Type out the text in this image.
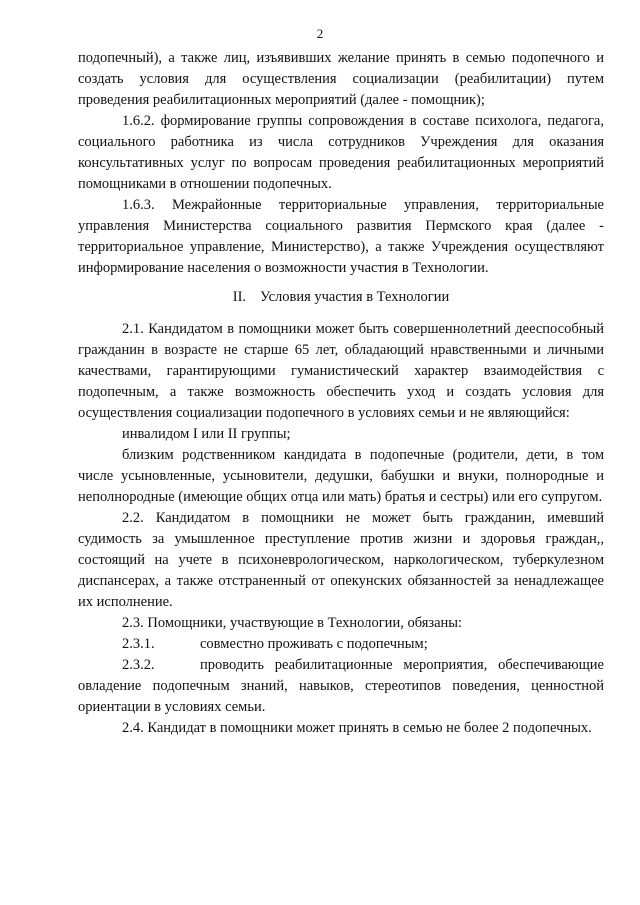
2

подопечный), а также лиц, изъявивших желание принять в семью подопечного и создать условия для осуществления социализации (реабилитации) путем проведения реабилитационных мероприятий (далее - помощник);

1.6.2. формирование группы сопровождения в составе психолога, педагога, социального работника из числа сотрудников Учреждения для оказания консультативных услуг по вопросам проведения реабилитационных мероприятий помощниками в отношении подопечных.

1.6.3. Межрайонные территориальные управления, территориальные управления Министерства социального развития Пермского края (далее - территориальное управление, Министерство), а также Учреждения осуществляют информирование населения о возможности участия в Технологии.

II. Условия участия в Технологии

2.1. Кандидатом в помощники может быть совершеннолетний дееспособный гражданин в возрасте не старше 65 лет, обладающий нравственными и личными качествами, гарантирующими гуманистический характер взаимодействия с подопечным, а также возможность обеспечить уход и создать условия для осуществления социализации подопечного в условиях семьи и не являющийся:

инвалидом I или II группы;

близким родственником кандидата в подопечные (родители, дети, в том числе усыновленные, усыновители, дедушки, бабушки и внуки, полнородные и неполнородные (имеющие общих отца или мать) братья и сестры) или его супругом.

2.2. Кандидатом в помощники не может быть гражданин, имевший судимость за умышленное преступление против жизни и здоровья граждан,, состоящий на учете в психоневрологическом, наркологическом, туберкулезном диспансерах, а также отстраненный от опекунских обязанностей за ненадлежащее их исполнение.

2.3. Помощники, участвующие в Технологии, обязаны:

2.3.1.	совместно проживать с подопечным;

2.3.2.	проводить реабилитационные мероприятия, обеспечивающие овладение подопечным знаний, навыков, стереотипов поведения, ценностной ориентации в условиях семьи.

2.4. Кандидат в помощники может принять в семью не более 2 подопечных.
